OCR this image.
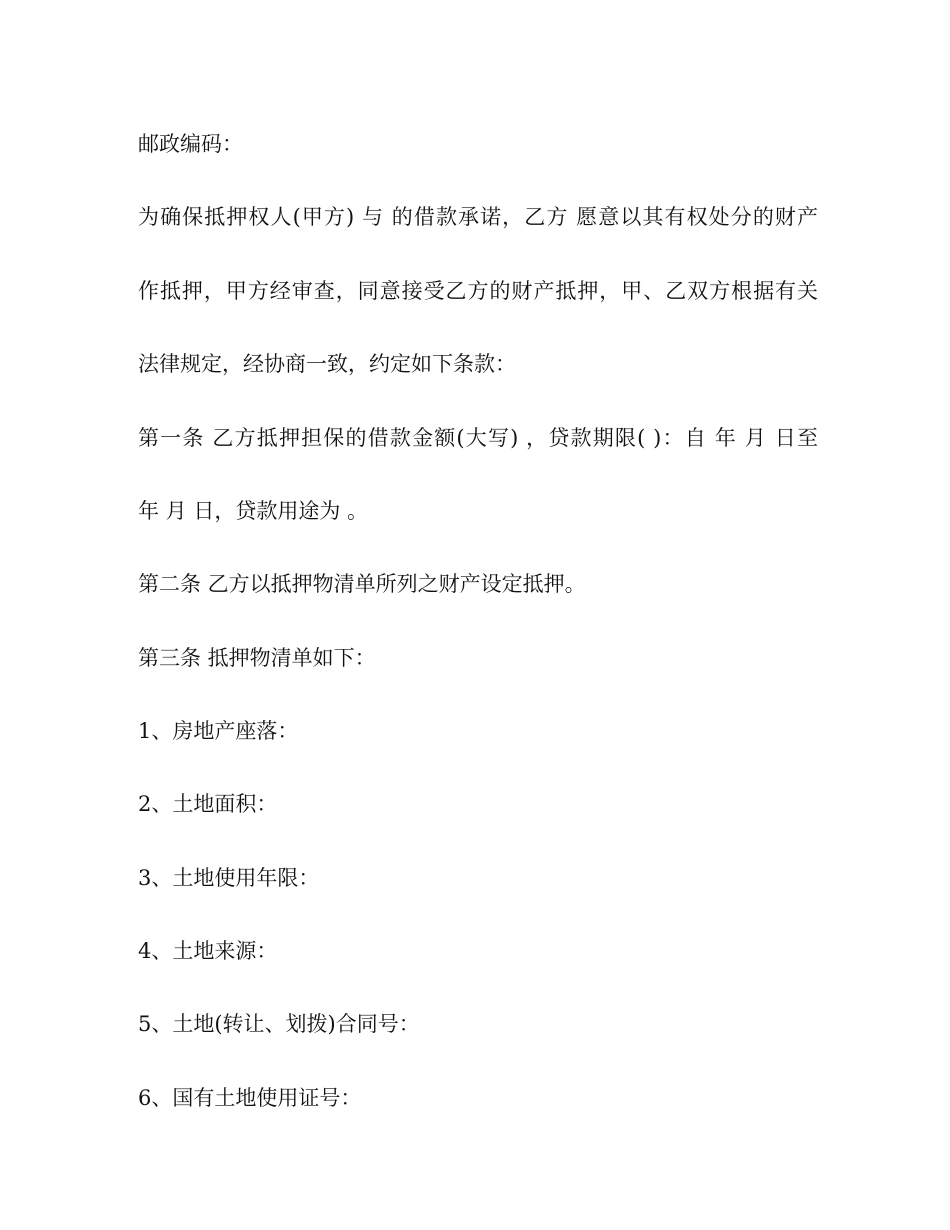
邮政编码：

为确保抵押权人(甲方) 与 的借款承诺，乙方 愿意以其有权处分的财产

作抵押，甲方经审查，同意接受乙方的财产抵押，甲、乙双方根据有关

法律规定，经协商一致，约定如下条款：

第一条 乙方抵押担保的借款金额(大写) ，贷款期限( )：自 年 月 日至

年 月 日，贷款用途为 。

第二条 乙方以抵押物清单所列之财产设定抵押。

第三条 抵押物清单如下：

1、房地产座落：

2、土地面积：

3、土地使用年限：

4、土地来源：

5、土地(转让、划拨)合同号：

6、国有土地使用证号：
